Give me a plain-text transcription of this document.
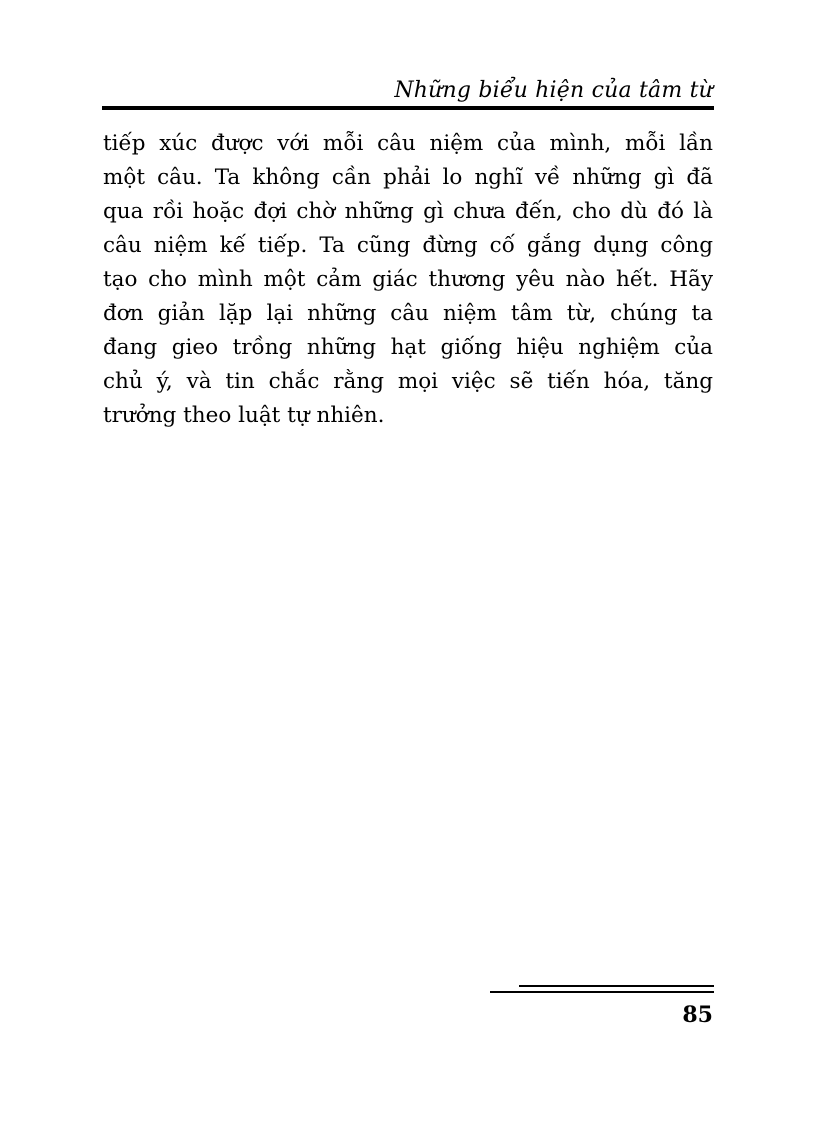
Những biểu hiện của tâm từ
tiếp xúc được với mỗi câu niệm của mình, mỗi lần
một câu. Ta không cần phải lo nghĩ về những gì đã
qua rồi hoặc đợi chờ những gì chưa đến, cho dù đó là
câu niệm kế tiếp. Ta cũng đừng cố gắng dụng công
tạo cho mình một cảm giác thương yêu nào hết. Hãy
đơn giản lặp lại những câu niệm tâm từ, chúng ta
đang gieo trồng những hạt giống hiệu nghiệm của
chủ ý, và tin chắc rằng mọi việc sẽ tiến hóa, tăng
trưởng theo luật tự nhiên.
85
